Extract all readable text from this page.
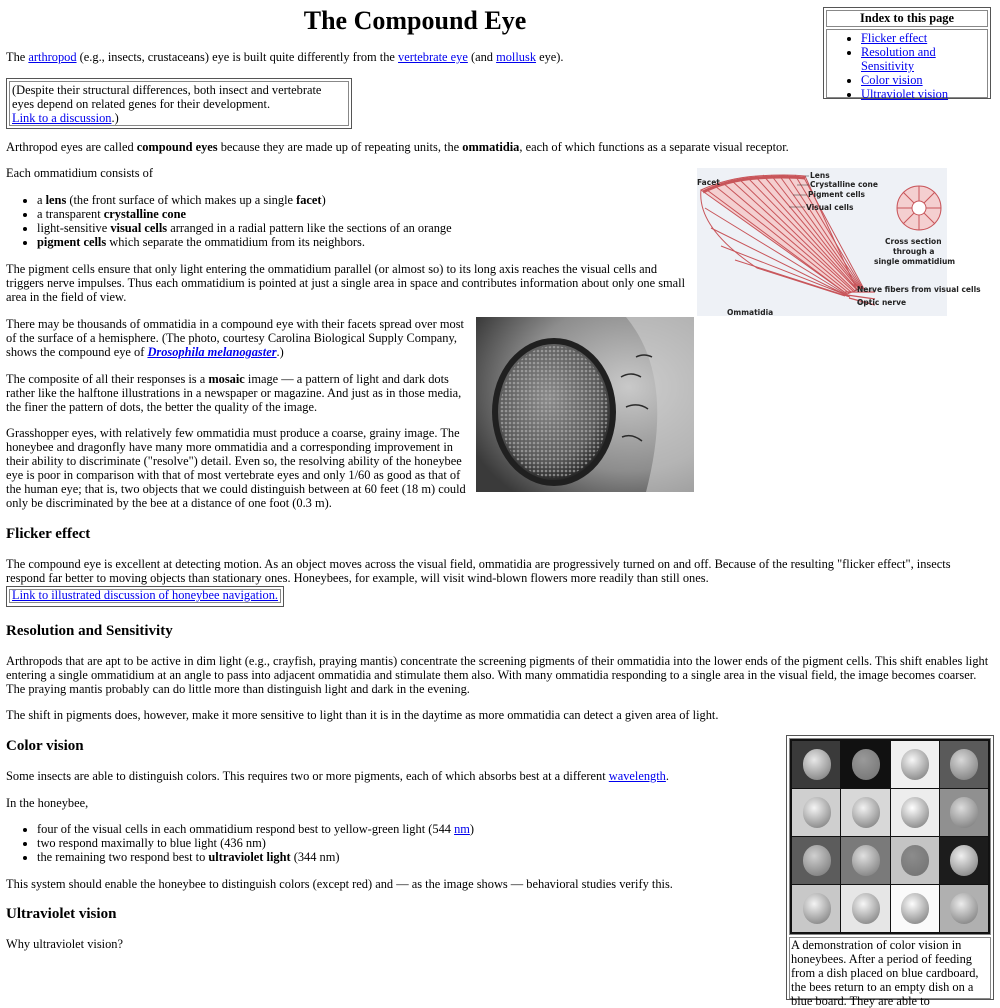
The Compound Eye	Index to this page
• Flicker effect
• Resolution and Sensitivity
• Color vision
• Ultraviolet vision

The arthropod (e.g., insects, crustaceans) eye is built quite differently from the vertebrate eye (and mollusk eye).

(Despite their structural differences, both insect and vertebrate eyes depend on related genes for their development.
Link to a discussion.)

Arthropod eyes are called compound eyes because they are made up of repeating units, the ommatidia, each of which functions as a separate visual receptor.

Each ommatidium consists of

• a lens (the front surface of which makes up a single facet)
• a transparent crystalline cone
• light-sensitive visual cells arranged in a radial pattern like the sections of an orange
• pigment cells which separate the ommatidium from its neighbors.

The pigment cells ensure that only light entering the ommatidium parallel (or almost so) to its long axis reaches the visual cells and triggers nerve impulses. Thus each ommatidium is pointed at just a single area in space and contributes information about only one small area in the field of view.

Facet
Lens
Crystalline cone
Pigment cells
Visual cells
Cross section
through a
single ommatidium
Nerve fibers from visual cells
Optic nerve
Ommatidia

There may be thousands of ommatidia in a compound eye with their facets spread over most of the surface of a hemisphere. (The photo, courtesy Carolina Biological Supply Company, shows the compound eye of Drosophila melanogaster.)

The composite of all their responses is a mosaic image — a pattern of light and dark dots rather like the halftone illustrations in a newspaper or magazine. And just as in those media, the finer the pattern of dots, the better the quality of the image.

Grasshopper eyes, with relatively few ommatidia must produce a coarse, grainy image. The honeybee and dragonfly have many more ommatidia and a corresponding improvement in their ability to discriminate ("resolve") detail. Even so, the resolving ability of the honeybee eye is poor in comparison with that of most vertebrate eyes and only 1/60 as good as that of the human eye; that is, two objects that we could distinguish between at 60 feet (18 m) could only be discriminated by the bee at a distance of one foot (0.3 m).

Flicker effect

The compound eye is excellent at detecting motion. As an object moves across the visual field, ommatidia are progressively turned on and off. Because of the resulting "flicker effect", insects respond far better to moving objects than stationary ones. Honeybees, for example, will visit wind-blown flowers more readily than still ones.

Link to illustrated discussion of honeybee navigation.
Resolution and Sensitivity

Arthropods that are apt to be active in dim light (e.g., crayfish, praying mantis) concentrate the screening pigments of their ommatidia into the lower ends of the pigment cells. This shift enables light entering a single ommatidium at an angle to pass into adjacent ommatidia and stimulate them also. With many ommatidia responding to a single area in the visual field, the image becomes coarser. The praying mantis probably can do little more than distinguish light and dark in the evening.

The shift in pigments does, however, make it more sensitive to light than it is in the daytime as more ommatidia can detect a given area of light.

Color vision

Some insects are able to distinguish colors. This requires two or more pigments, each of which absorbs best at a different wavelength.

In the honeybee,

• four of the visual cells in each ommatidium respond best to yellow-green light (544 nm)
• two respond maximally to blue light (436 nm)
• the remaining two respond best to ultraviolet light (344 nm)

This system should enable the honeybee to distinguish colors (except red) and — as the image shows — behavioral studies verify this.

Ultraviolet vision

Why ultraviolet vision?	A demonstration of color vision in honeybees. After a period of feeding from a dish placed on blue cardboard, the bees return to an empty dish on a blue board. They are able to
